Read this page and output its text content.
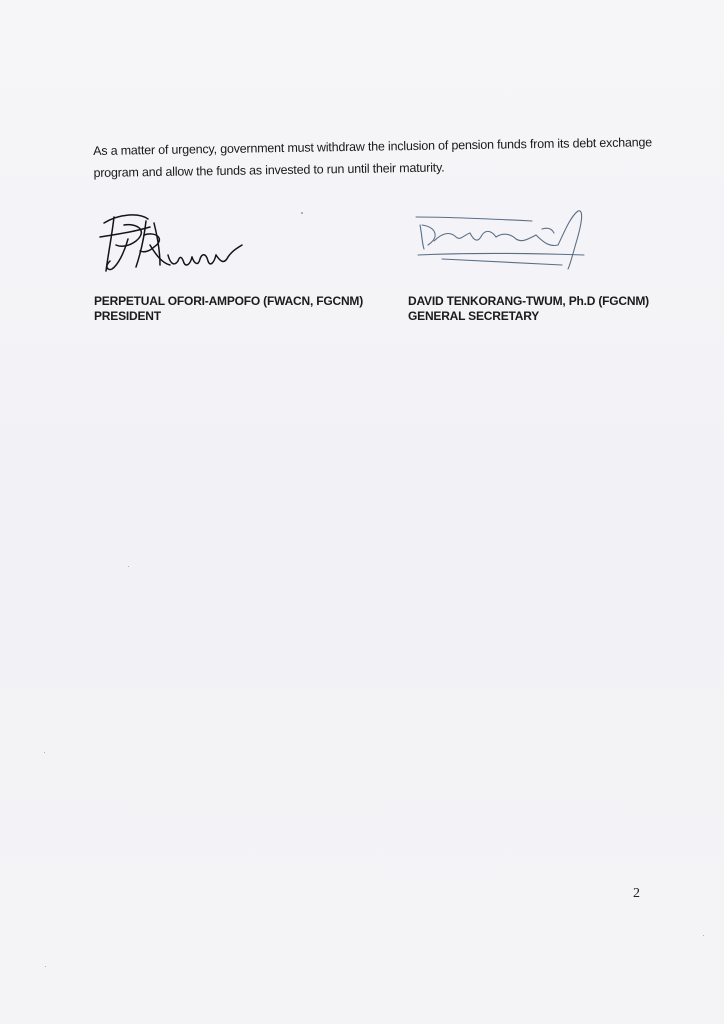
As a matter of urgency, government must withdraw the inclusion of pension funds from its debt exchange
program and allow the funds as invested to run until their maturity.
PERPETUAL OFORI-AMPOFO (FWACN, FGCNM)
PRESIDENT
DAVID TENKORANG-TWUM, Ph.D (FGCNM)
GENERAL SECRETARY
2
